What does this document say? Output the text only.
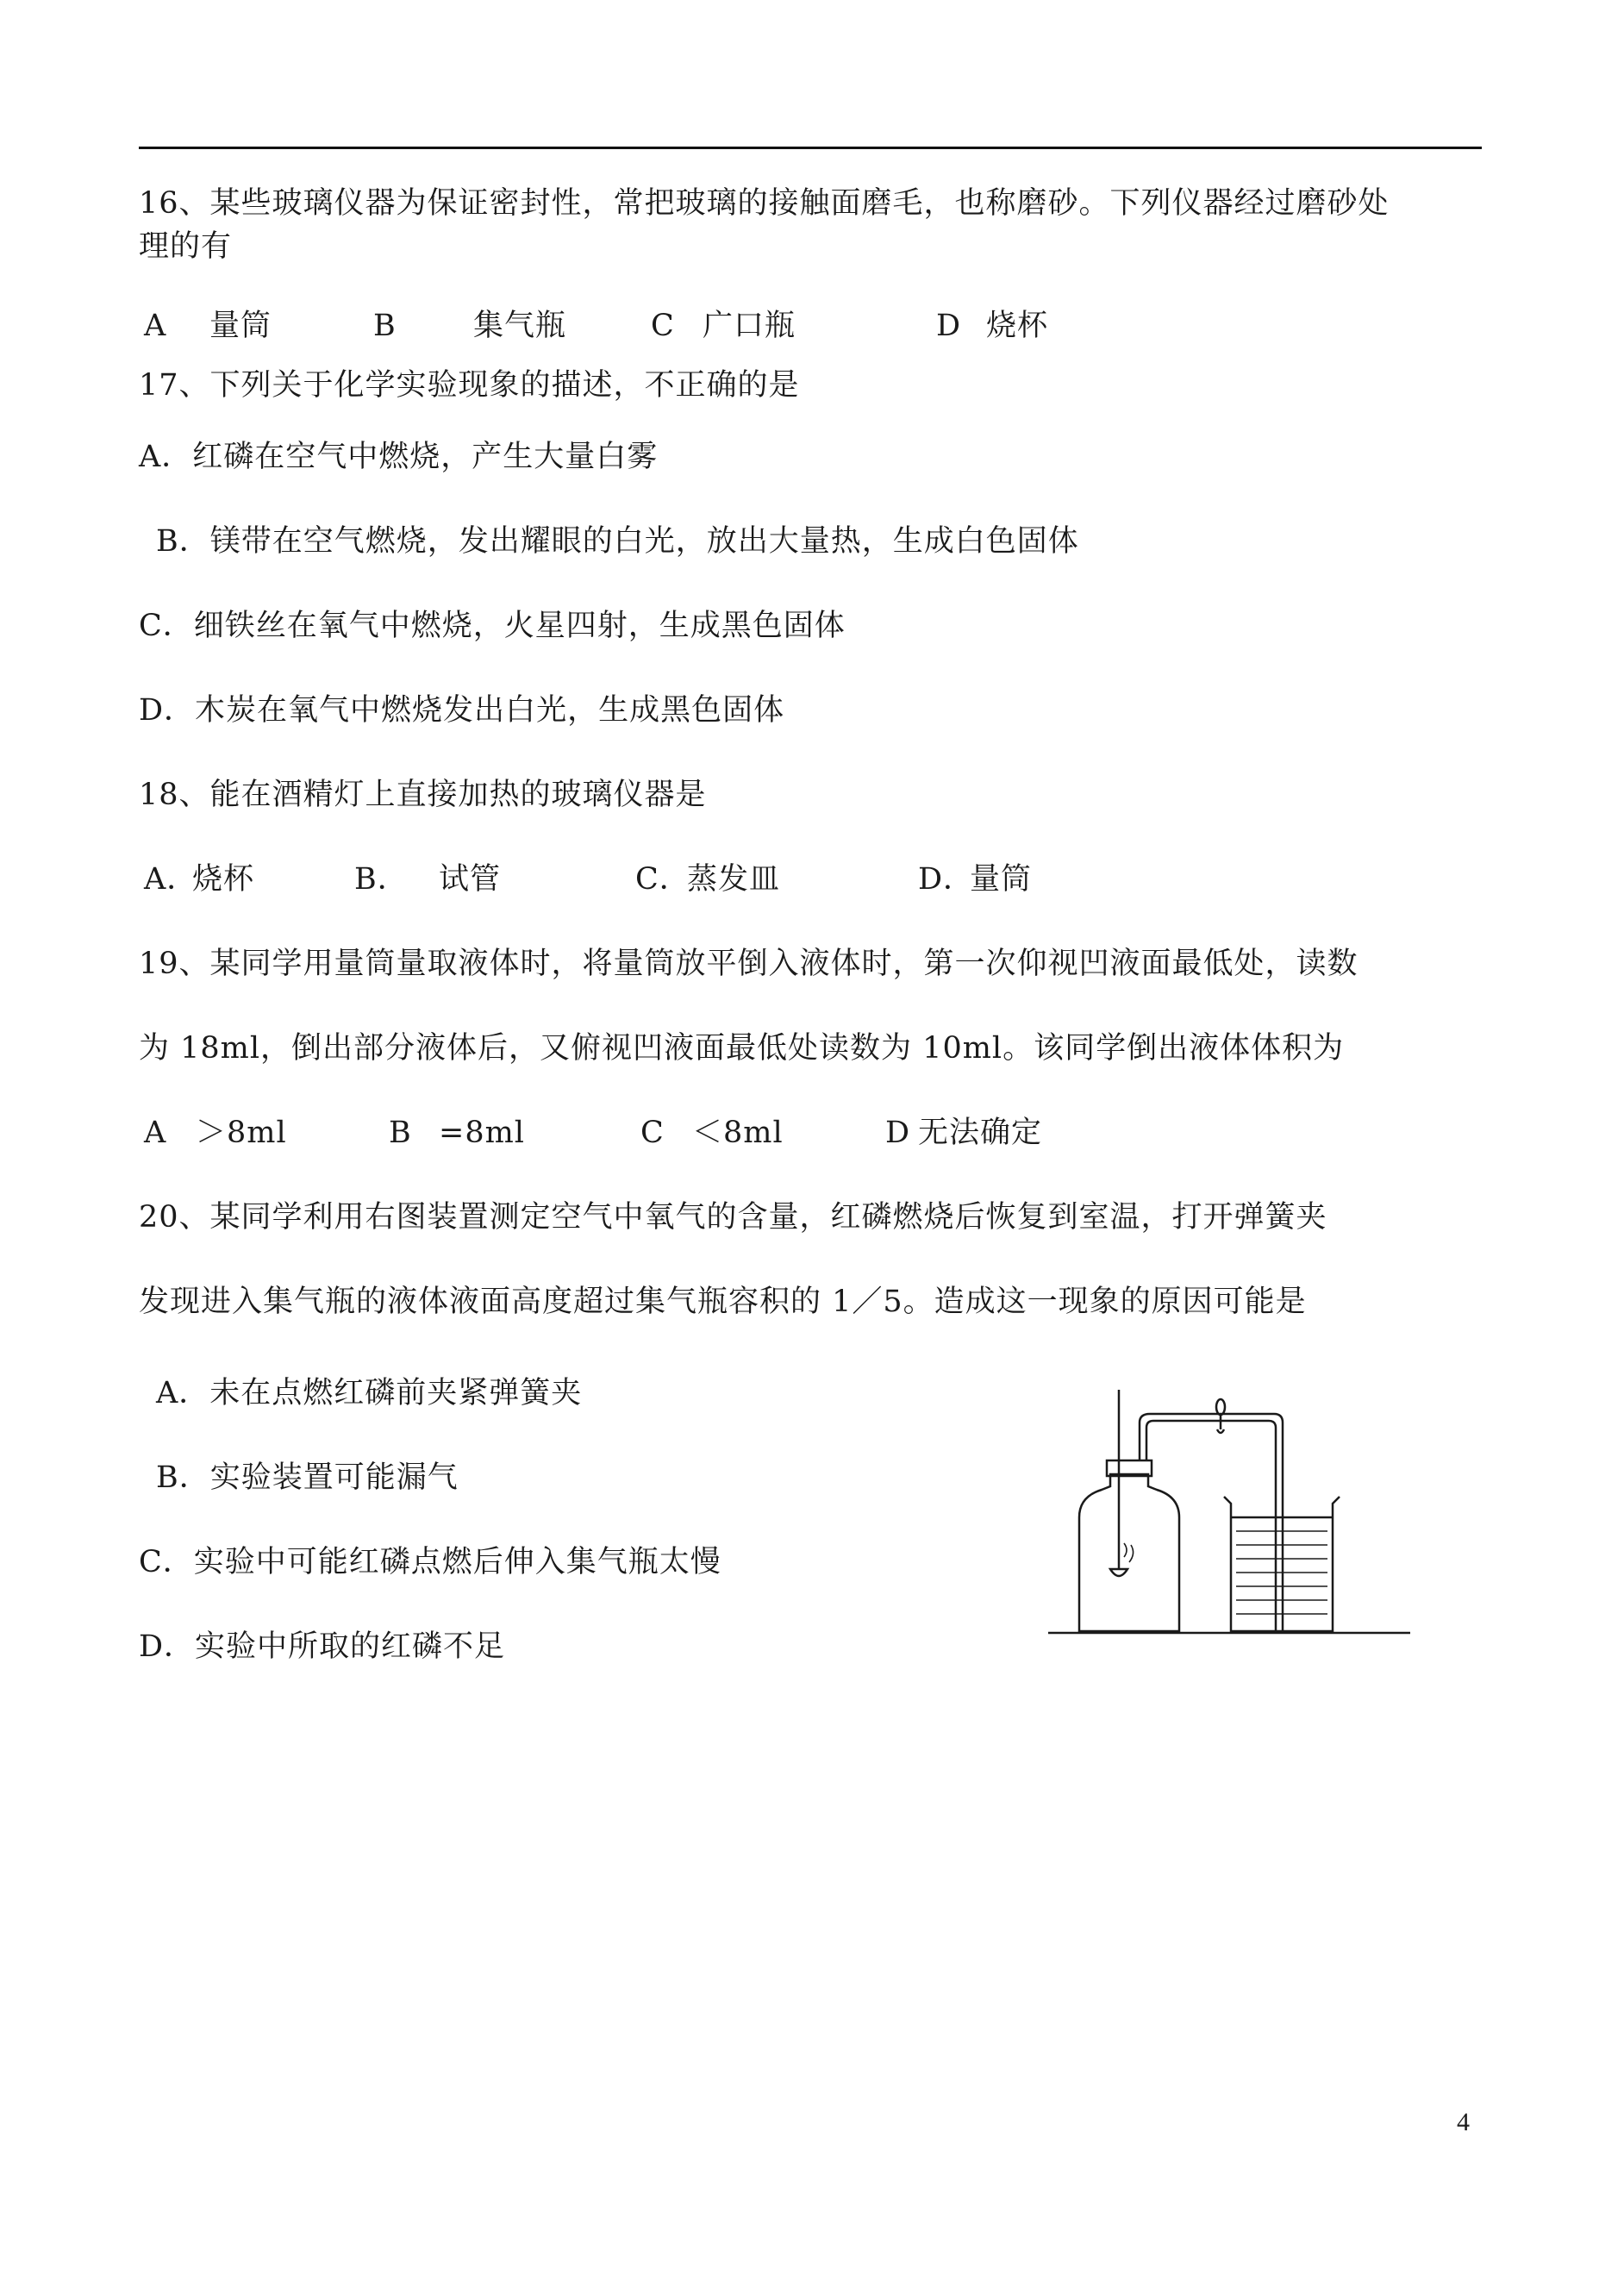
16、某些玻璃仪器为保证密封性，常把玻璃的接触面磨毛，也称磨砂。下列仪器经过磨砂处
理的有
A 量筒	B	集气瓶	C 广口瓶	D 烧杯
17、下列关于化学实验现象的描述，不正确的是
A．红磷在空气中燃烧，产生大量白雾
B．镁带在空气燃烧，发出耀眼的白光，放出大量热，生成白色固体
C．细铁丝在氧气中燃烧，火星四射，生成黑色固体
D．木炭在氧气中燃烧发出白光，生成黑色固体
18、能在酒精灯上直接加热的玻璃仪器是
A．
烧杯	B． 试管	C．
蒸发皿	D．
量筒
19、某同学用量筒量取液体时，将量筒放平倒入液体时，第一次仰视凹液面最低处，读数
为 18ml，倒出部分液体后，又俯视凹液面最低处读数为 10ml。该同学倒出液体体积为
A ＞8ml	B =8ml	C ＜8ml	D 无法确定
20、某同学利用右图装置测定空气中氧气的含量，红磷燃烧后恢复到室温，打开弹簧夹
发现进入集气瓶的液体液面高度超过集气瓶容积的 1／5。造成这一现象的原因可能是
A．未在点燃红磷前夹紧弹簧夹
B．实验装置可能漏气
C．实验中可能红磷点燃后伸入集气瓶太慢
D．实验中所取的红磷不足
4
